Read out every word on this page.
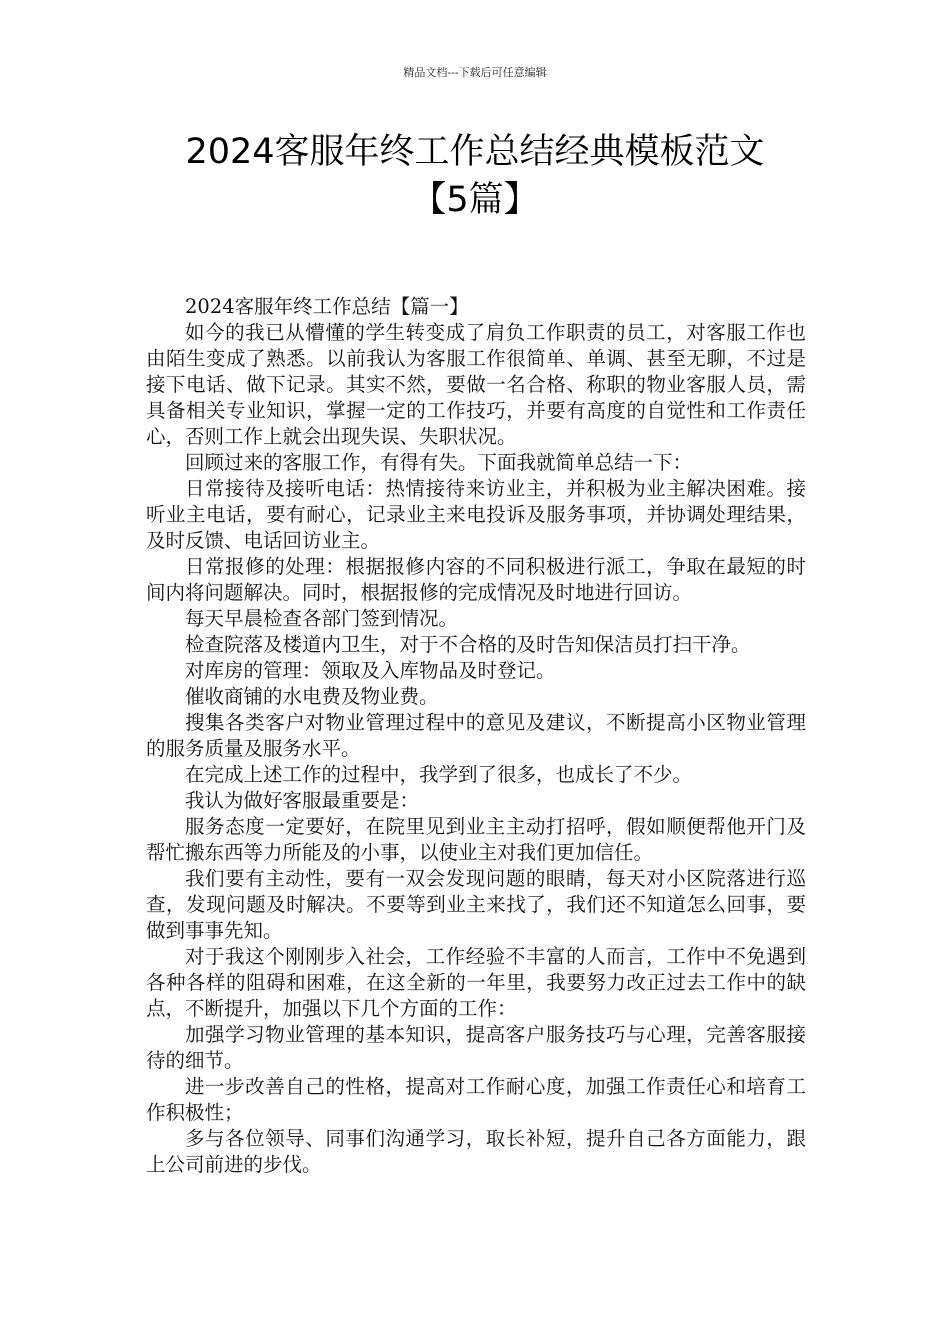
精品文档---下载后可任意编辑
2024客服年终工作总结经典模板范文
【5篇】

2024客服年终工作总结【篇一】

如今的我已从懵懂的学生转变成了肩负工作职责的员工，对客服工作也由陌生变成了熟悉。以前我认为客服工作很简单、单调、甚至无聊，不过是接下电话、做下记录。其实不然，要做一名合格、称职的物业客服人员，需具备相关专业知识，掌握一定的工作技巧，并要有高度的自觉性和工作责任心，否则工作上就会出现失误、失职状况。

回顾过来的客服工作，有得有失。下面我就简单总结一下：

日常接待及接听电话：热情接待来访业主，并积极为业主解决困难。接听业主电话，要有耐心，记录业主来电投诉及服务事项，并协调处理结果，及时反馈、电话回访业主。

日常报修的处理：根据报修内容的不同积极进行派工，争取在最短的时间内将问题解决。同时，根据报修的完成情况及时地进行回访。

每天早晨检查各部门签到情况。

检查院落及楼道内卫生，对于不合格的及时告知保洁员打扫干净。

对库房的管理：领取及入库物品及时登记。

催收商铺的水电费及物业费。

搜集各类客户对物业管理过程中的意见及建议，不断提高小区物业管理的服务质量及服务水平。

在完成上述工作的过程中，我学到了很多，也成长了不少。

我认为做好客服最重要是：

服务态度一定要好，在院里见到业主主动打招呼，假如顺便帮他开门及帮忙搬东西等力所能及的小事，以使业主对我们更加信任。

我们要有主动性，要有一双会发现问题的眼睛，每天对小区院落进行巡查，发现问题及时解决。不要等到业主来找了，我们还不知道怎么回事，要做到事事先知。

对于我这个刚刚步入社会，工作经验不丰富的人而言，工作中不免遇到各种各样的阻碍和困难，在这全新的一年里，我要努力改正过去工作中的缺点，不断提升，加强以下几个方面的工作：

加强学习物业管理的基本知识，提高客户服务技巧与心理，完善客服接待的细节。

进一步改善自己的性格，提高对工作耐心度，加强工作责任心和培育工作积极性；

多与各位领导、同事们沟通学习，取长补短，提升自己各方面能力，跟上公司前进的步伐。
